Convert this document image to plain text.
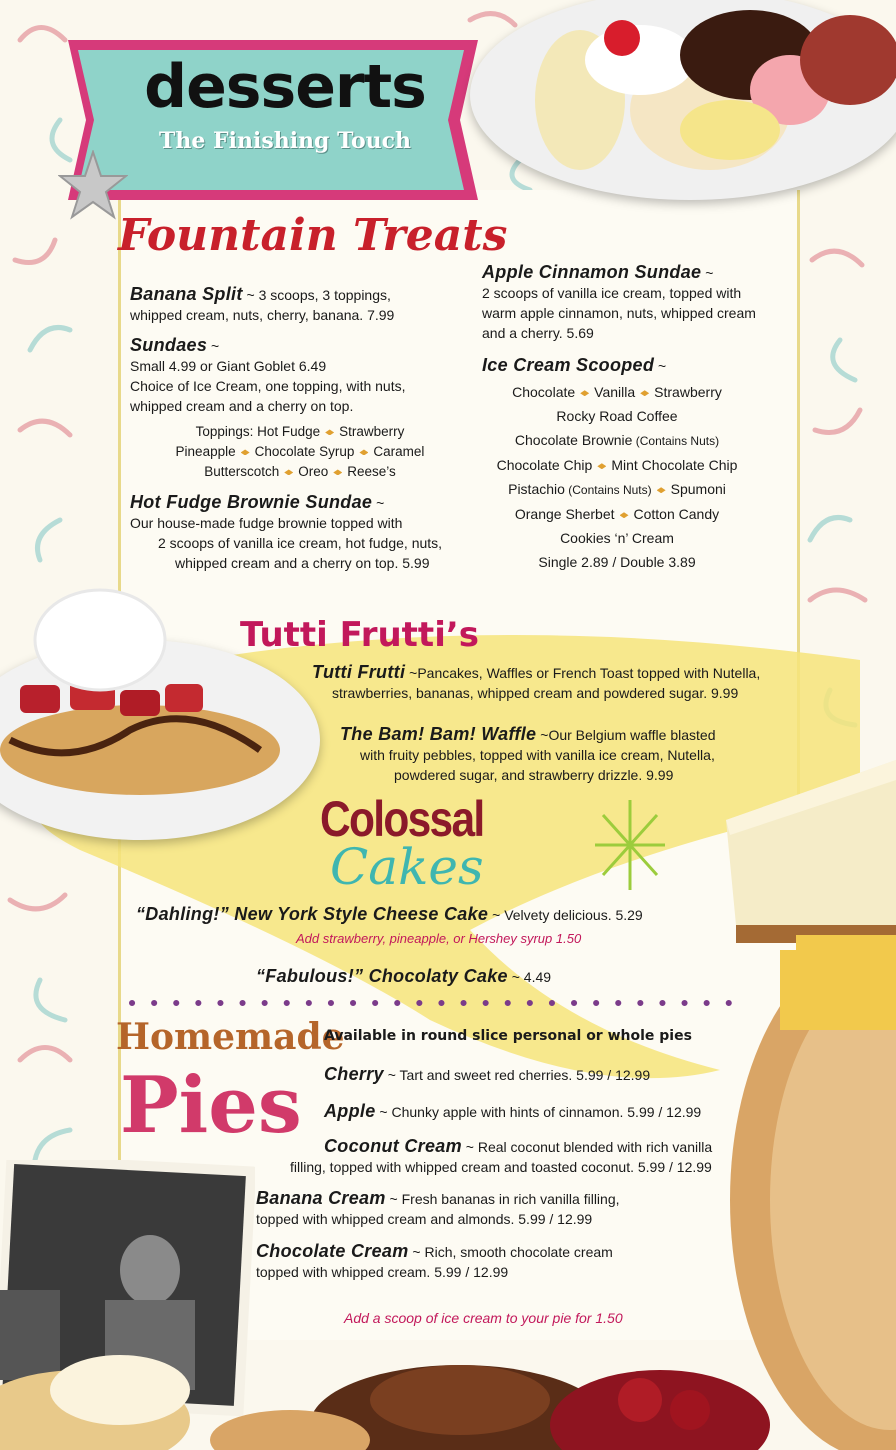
desserts
The Finishing Touch
Fountain Treats
Banana Split ~ 3 scoops, 3 toppings,
whipped cream, nuts, cherry, banana. 7.99
Sundaes ~
Small 4.99 or Giant Goblet 6.49
Choice of Ice Cream, one topping, with nuts,
whipped cream and a cherry on top.
Toppings: Hot Fudge Strawberry
Pineapple Chocolate Syrup Caramel
Butterscotch Oreo Reese’s
Hot Fudge Brownie Sundae ~
Our house-made fudge brownie topped with
2 scoops of vanilla ice cream, hot fudge, nuts,
whipped cream and a cherry on top. 5.99
Apple Cinnamon Sundae ~
2 scoops of vanilla ice cream, topped with
warm apple cinnamon, nuts, whipped cream
and a cherry. 5.69
Ice Cream Scooped ~
Chocolate Vanilla Strawberry
Rocky Road Coffee
Chocolate Brownie (Contains Nuts)
Chocolate Chip Mint Chocolate Chip
Pistachio (Contains Nuts) Spumoni
Orange Sherbet Cotton Candy
Cookies ‘n’ Cream
Single 2.89 / Double 3.89
Tutti Frutti’s
Tutti Frutti ~Pancakes, Waffles or French Toast topped with Nutella,
strawberries, bananas, whipped cream and powdered sugar. 9.99
The Bam! Bam! Waffle ~Our Belgium waffle blasted
with fruity pebbles, topped with vanilla ice cream, Nutella,
powdered sugar, and strawberry drizzle. 9.99
Colossal
Cakes
“Dahling!” New York Style Cheese Cake ~ Velvety delicious. 5.29
Add strawberry, pineapple, or Hershey syrup 1.50
“Fabulous!” Chocolaty Cake ~ 4.49
Homemade
Pies
Available in round slice personal or whole pies
Cherry ~ Tart and sweet red cherries. 5.99 / 12.99
Apple ~ Chunky apple with hints of cinnamon. 5.99 / 12.99
Coconut Cream ~ Real coconut blended with rich vanilla
filling, topped with whipped cream and toasted coconut. 5.99 / 12.99
Banana Cream ~ Fresh bananas in rich vanilla filling,
topped with whipped cream and almonds. 5.99 / 12.99
Chocolate Cream ~ Rich, smooth chocolate cream
topped with whipped cream. 5.99 / 12.99
Add a scoop of ice cream to your pie for 1.50
